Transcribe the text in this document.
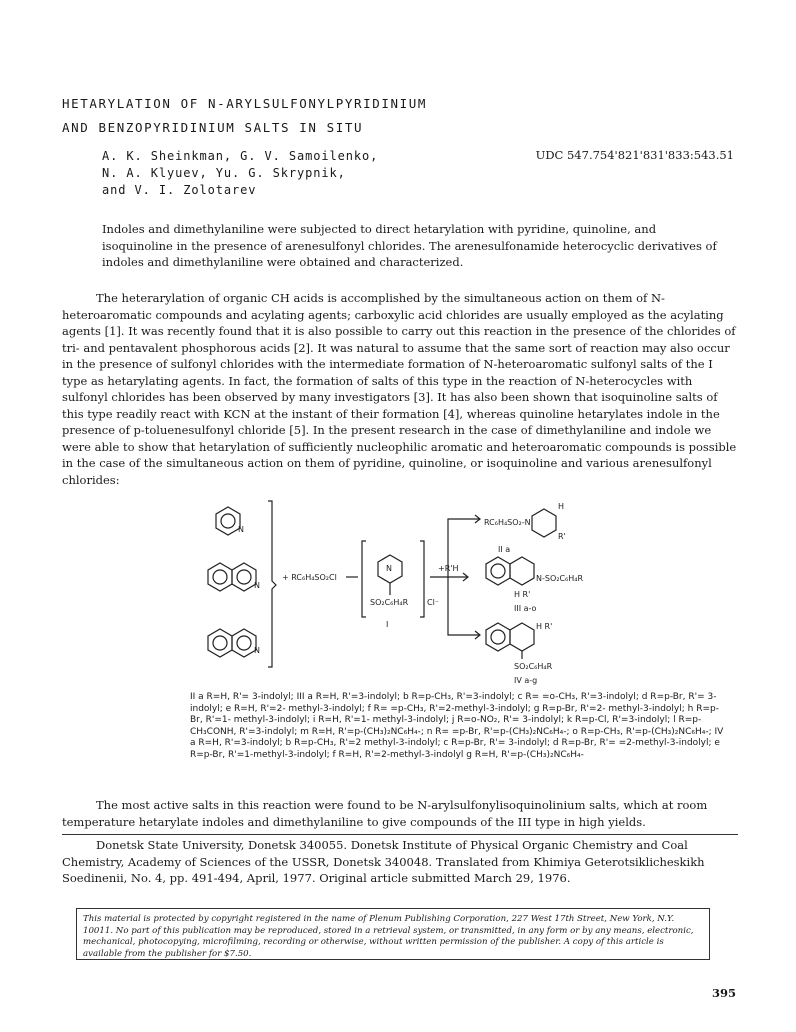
HETARYLATION OF N-ARYLSULFONYLPYRIDINIUM
AND BENZOPYRIDINIUM SALTS IN SITU
A. K. Sheinkman, G. V. Samoilenko,
N. A. Klyuev, Yu. G. Skrypnik,
and V. I. Zolotarev
UDC 547.754'821'831'833:543.51

Indoles and dimethylaniline were subjected to direct hetarylation with pyridine, quinoline, and isoquinoline in the presence of arenesulfonyl chlorides. The arenesulfonamide heterocyclic derivatives of indoles and dimethylaniline were obtained and characterized.

The heterarylation of organic CH acids is accomplished by the simultaneous action on them of N-heteroaromatic compounds and acylating agents; carboxylic acid chlorides are usually employed as the acylating agents [1]. It was recently found that it is also possible to carry out this reaction in the presence of the chlorides of tri- and pentavalent phosphorous acids [2]. It was natural to assume that the same sort of reaction may also occur in the presence of sulfonyl chlorides with the intermediate formation of N-heteroaromatic sulfonyl salts of the I type as hetarylating agents. In fact, the formation of salts of this type in the reaction of N-heterocycles with sulfonyl chlorides has been observed by many investigators [3]. It has also been shown that isoquinoline salts of this type readily react with KCN at the instant of their formation [4], whereas quinoline hetarylates indole in the presence of p-toluenesulfonyl chloride [5]. In the present research in the case of dimethylaniline and indole we were able to show that hetarylation of sufficiently nucleophilic aromatic and heteroaromatic compounds is possible in the case of the simultaneous action on them of pyridine, quinoline, or isoquinoline and various arenesulfonyl chlorides:

N
N
N
N
+ RC₆H₄SO₂Cl
SO₂C₆H₄R Cl⁻
I
+R'H
RC₆H₄SO₂-N
H
R'
II a
N-SO₂C₆H₄R
H R'
III a-o
H R'
SO₂C₆H₄R
IV a-g

II a R=H, R'= 3-indolyl; III a R=H, R'=3-indolyl; b R=p-CH₃, R'=3-indolyl; c R= =o-CH₃, R'=3-indolyl; d R=p-Br, R'= 3-indolyl; e R=H, R'=2- methyl-3-indolyl; f R= =p-CH₃, R'=2-methyl-3-indolyl; g R=p-Br, R'=2- methyl-3-indolyl; h R=p-Br, R'=1- methyl-3-indolyl; i R=H, R'=1- methyl-3-indolyl; j R=o-NO₂, R'= 3-indolyl; k R=p-Cl, R'=3-indolyl; l R=p-CH₃CONH, R'=3-indolyl; m R=H, R'=p-(CH₃)₂NC₆H₄-; n R= =p-Br, R'=p-(CH₃)₂NC₆H₄-; o R=p-CH₃, R'=p-(CH₃)₂NC₆H₄-; IV a R=H, R'=3-indolyl; b R=p-CH₃, R'=2 methyl-3-indolyl; c R=p-Br, R'= 3-indolyl; d R=p-Br, R'= =2-methyl-3-indolyl; e R=p-Br, R'=1-methyl-3-indolyl; f R=H, R'=2-methyl-3-indolyl g R=H, R'=p-(CH₃)₂NC₆H₄-

The most active salts in this reaction were found to be N-arylsulfonylisoquinolinium salts, which at room temperature hetarylate indoles and dimethylaniline to give compounds of the III type in high yields.

Donetsk State University, Donetsk 340055. Donetsk Institute of Physical Organic Chemistry and Coal Chemistry, Academy of Sciences of the USSR, Donetsk 340048. Translated from Khimiya Geterotsiklicheskikh Soedinenii, No. 4, pp. 491-494, April, 1977. Original article submitted March 29, 1976.

This material is protected by copyright registered in the name of Plenum Publishing Corporation, 227 West 17th Street, New York, N.Y. 10011. No part of this publication may be reproduced, stored in a retrieval system, or transmitted, in any form or by any means, electronic, mechanical, photocopying, microfilming, recording or otherwise, without written permission of the publisher. A copy of this article is available from the publisher for $7.50.
395
